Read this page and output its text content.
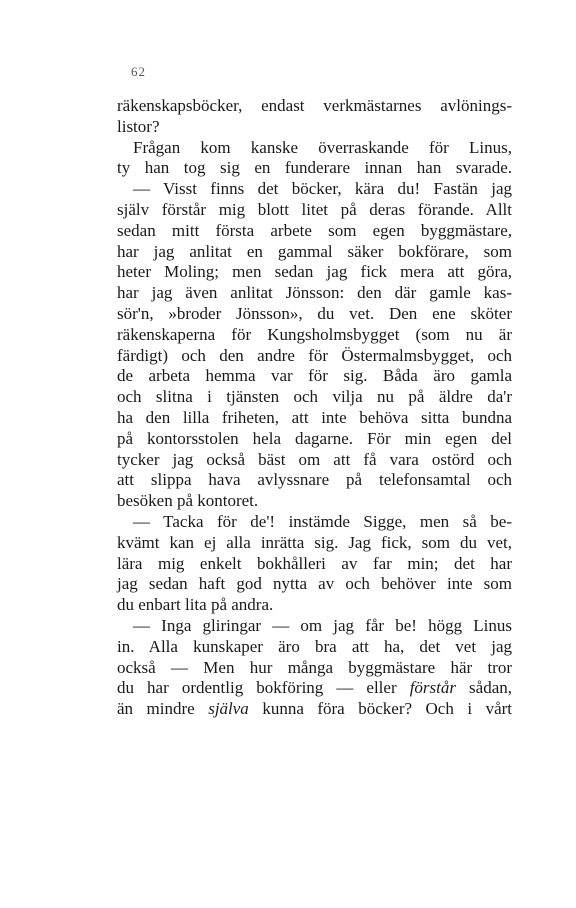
62
räkenskapsböcker, endast verkmästarnes avlönings-
listor?
Frågan kom kanske överraskande för Linus,
ty han tog sig en funderare innan han svarade.
— Visst finns det böcker, kära du! Fastän jag
själv förstår mig blott litet på deras förande. Allt
sedan mitt första arbete som egen byggmästare,
har jag anlitat en gammal säker bokförare, som
heter Moling; men sedan jag fick mera att göra,
har jag även anlitat Jönsson: den där gamle kas-
sör'n, »broder Jönsson», du vet. Den ene sköter
räkenskaperna för Kungsholmsbygget (som nu är
färdigt) och den andre för Östermalmsbygget, och
de arbeta hemma var för sig. Båda äro gamla
och slitna i tjänsten och vilja nu på äldre da'r
ha den lilla friheten, att inte behöva sitta bundna
på kontorsstolen hela dagarne. För min egen del
tycker jag också bäst om att få vara ostörd och
att slippa hava avlyssnare på telefonsamtal och
besöken på kontoret.
— Tacka för de'! instämde Sigge, men så be-
kvämt kan ej alla inrätta sig. Jag fick, som du vet,
lära mig enkelt bokhålleri av far min; det har
jag sedan haft god nytta av och behöver inte som
du enbart lita på andra.
— Inga gliringar — om jag får be! högg Linus
in. Alla kunskaper äro bra att ha, det vet jag
också — Men hur många byggmästare här tror
du har ordentlig bokföring — eller förstår sådan,
än mindre själva kunna föra böcker? Och i vårt
